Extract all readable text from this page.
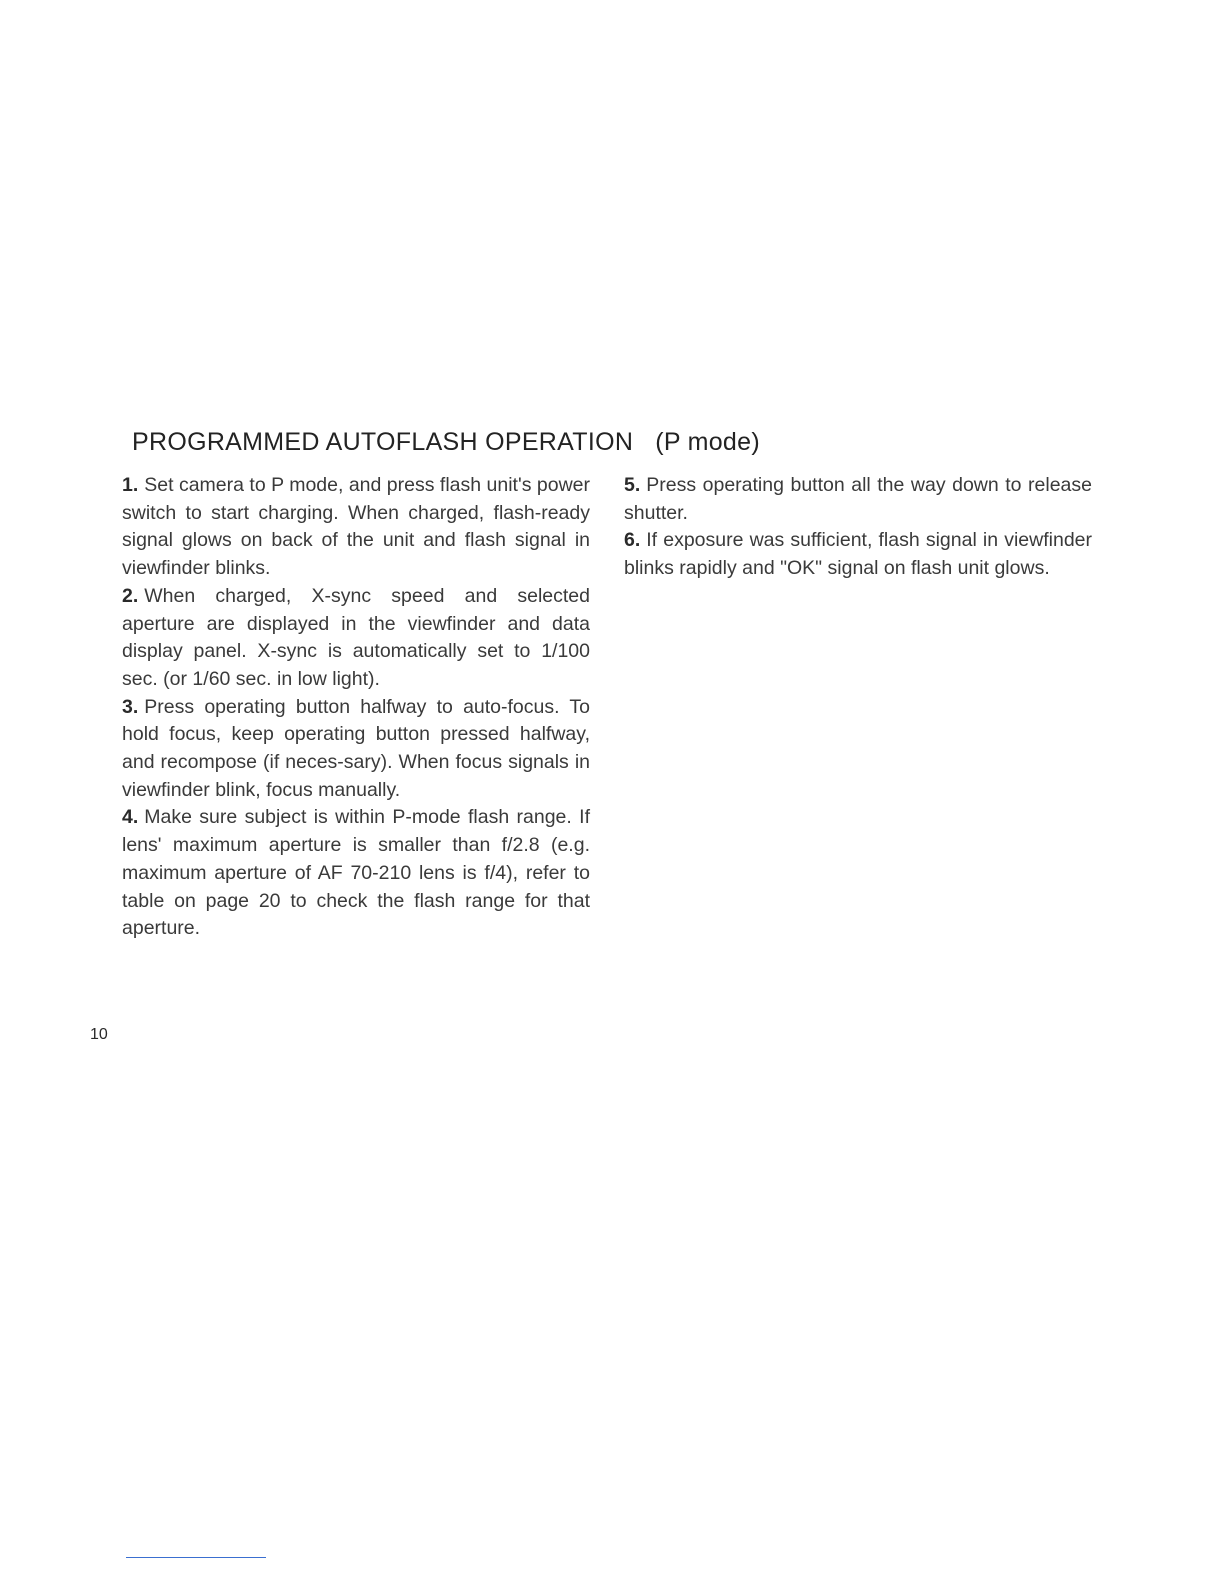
PROGRAMMED AUTOFLASH OPERATION (P mode)

1. Set camera to P mode, and press flash unit's power switch to start charging. When charged, flash-ready signal glows on back of the unit and flash signal in viewfinder blinks.

2. When charged, X-sync speed and selected aperture are displayed in the viewfinder and data display panel. X-sync is automatically set to 1/100 sec. (or 1/60 sec. in low light).

3. Press operating button halfway to auto-focus. To hold focus, keep operating button pressed halfway, and recompose (if neces-sary). When focus signals in viewfinder blink, focus manually.

4. Make sure subject is within P-mode flash range. If lens' maximum aperture is smaller than f/2.8 (e.g. maximum aperture of AF 70-210 lens is f/4), refer to table on page 20 to check the flash range for that aperture.

5. Press operating button all the way down to release shutter.

6. If exposure was sufficient, flash signal in viewfinder blinks rapidly and "OK" signal on flash unit glows.

10
